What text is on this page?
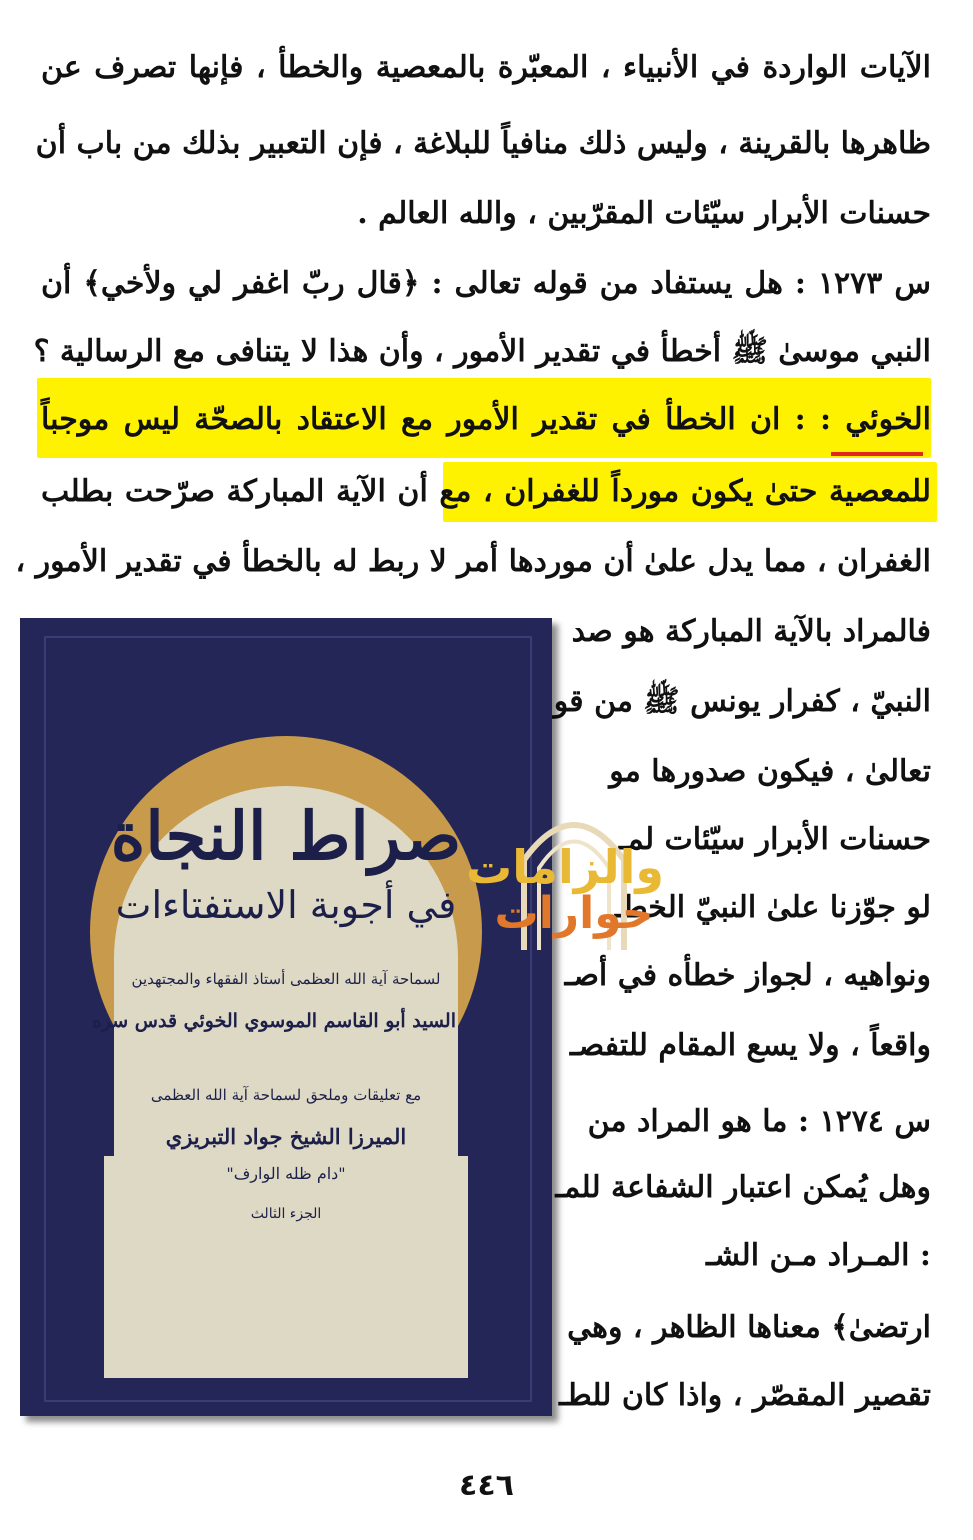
الآيات الواردة في الأنبياء ، المعبّرة بالمعصية والخطأ ، فإنها تصرف عن
ظاهرها بالقرينة ، وليس ذلك منافياً للبلاغة ، فإن التعبير بذلك من باب أن
حسنات الأبرار سيّئات المقرّبين ، والله العالم .
س ١٢٧٣ : هل يستفاد من قوله تعالى : ﴿قال ربّ اغفر لي ولأخي﴾ أن
النبي موسىٰ ﷺ أخطأ في تقدير الأمور ، وأن هذا لا يتنافى مع الرسالية ؟
الخوئي : : ان الخطأ في تقدير الأمور مع الاعتقاد بالصحّة ليس موجباً
للمعصية حتىٰ يكون مورداً للغفران ، مع أن الآية المباركة صرّحت بطلب
الغفران ، مما يدل علىٰ أن موردها أمر لا ربط له بالخطأ في تقدير الأمور ،
فالمراد بالآية المباركة هو صد
النبيّ ، كفرار يونس ﷺ من قو
تعالىٰ ، فيكون صدورها مو
حسنات الأبرار سيّئات لمـ
لو جوّزنا علىٰ النبيّ الخطـ
ونواهيه ، لجواز خطأه في أصـ
واقعاً ، ولا يسع المقام للتفصـ
س ١٢٧٤ : ما هو المراد من
وهل يُمكن اعتبار الشفاعة للمـ
: المـراد مـن الشـ
ارتضىٰ﴾ معناها الظاهر ، وهي
تقصير المقصّر ، واذا كان للطـ
٤٤٦
صراط النجاة
في أجوبة الاستفتاءات
لسماحة آية الله العظمى أستاذ الفقهاء والمجتهدين
السيد أبو القاسم الموسوي الخوئي قدس سره
مع تعليقات وملحق لسماحة آية الله العظمى
الميرزا الشيخ جواد التبريزي
"دام ظله الوارف"
الجزء الثالث
والزامات
حوارات
